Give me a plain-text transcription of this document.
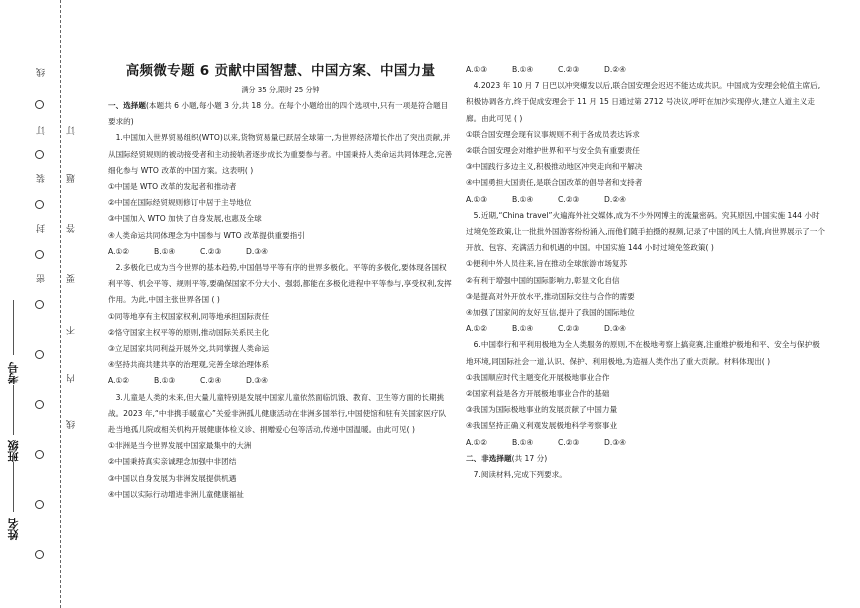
线
订
题
答
要
不
内
线
订
装
封
密
考号
班级
姓名
高频微专题 6 贡献中国智慧、中国方案、中国力量
满分 35 分,限时 25 分钟

一、选择题(本题共 6 小题,每小题 3 分,共 18 分。在每个小题给出的四个选项中,只有一项是符合题目要求的)

1.中国加入世界贸易组织(WTO)以来,货物贸易量已跃居全球第一,为世界经济增长作出了突出贡献,并从国际经贸规则的被动接受者和主动接轨者逐步成长为重要参与者。中国秉持人类命运共同体理念,完善细化参与 WTO 改革的中国方案。这表明( )

①中国是 WTO 改革的发起者和推动者

②中国在国际经贸规则修订中居于主导地位

③中国加入 WTO 加快了自身发展,也惠及全球

④人类命运共同体理念为中国参与 WTO 改革提供重要指引

A.①②	B.①④	C.②③	D.③④

2.多极化已成为当今世界的基本趋势,中国倡导平等有序的世界多极化。平等的多极化,要体现各国权利平等、机会平等、规则平等,要确保国家不分大小、强弱,都能在多极化进程中平等参与,享受权利,发挥作用。为此,中国主张世界各国 ( )

①同等地享有主权国家权利,同等地承担国际责任

②恪守国家主权平等的原则,推动国际关系民主化

③立足国家共同利益开展外交,共同掌握人类命运

④坚持共商共建共享的治理观,完善全球治理体系

A.①②	B.①③	C.②④	D.③④

3.儿童是人类的未来,但大量儿童特别是发展中国家儿童依然面临饥饿、教育、卫生等方面的长期挑战。2023 年,“中非携手暖童心”关爱非洲孤儿健康活动在非洲多国举行,中国使馆和驻有关国家医疗队赴当地孤儿院或相关机构开展健康体检义诊、捐赠爱心包等活动,传递中国温暖。由此可见( )

①非洲是当今世界发展中国家最集中的大洲

②中国秉持真实亲诚理念加强中非团结

③中国以自身发展为非洲发展提供机遇

④中国以实际行动增进非洲儿童健康福祉

A.①③	B.①④	C.②③	D.②④

4.2023 年 10 月 7 日巴以冲突爆发以后,联合国安理会迟迟不能达成共识。中国成为安理会轮值主席后,积极协调各方,终于促成安理会于 11 月 15 日通过第 2712 号决议,呼吁在加沙实现停火,建立人道主义走廊。由此可见 ( )

①联合国安理会现有议事规则不利于各成员表达诉求

②联合国安理会对维护世界和平与安全负有重要责任

③中国践行多边主义,积极推动地区冲突走向和平解决

④中国勇担大国责任,是联合国改革的倡导者和支持者

A.①③	B.①④	C.②③	D.②④

5.近期,“China travel”火遍海外社交媒体,成为不少外网博主的流量密码。究其原因,中国实施 144 小时过境免签政策,让一批批外国游客纷纷涌入,而他们随手拍摄的视频,记录了中国的风土人情,向世界展示了一个开放、包容、充满活力和机遇的中国。中国实施 144 小时过境免签政策( )

①便利中外人员往来,旨在推动全球旅游市场复苏

②有利于增强中国的国际影响力,彰显文化自信

③是提高对外开放水平,推动国际交往与合作的需要

④加强了国家间的友好互信,提升了我国的国际地位

A.①②	B.①④	C.②③	D.③④

6.中国奉行和平利用极地为全人类服务的原则,不在极地考察上搞竞赛,注重维护极地和平、安全与保护极地环境,同国际社会一道,认识、保护、利用极地,为造福人类作出了重大贡献。材料体现出( )

①我国顺应时代主题变化开展极地事业合作

②国家利益是各方开展极地事业合作的基础

③我国为国际极地事业的发展贡献了中国力量

④我国坚持正确义利观发展极地科学考察事业

A.①②	B.①④	C.②③	D.③④

二、非选择题(共 17 分)

7.阅读材料,完成下列要求。
